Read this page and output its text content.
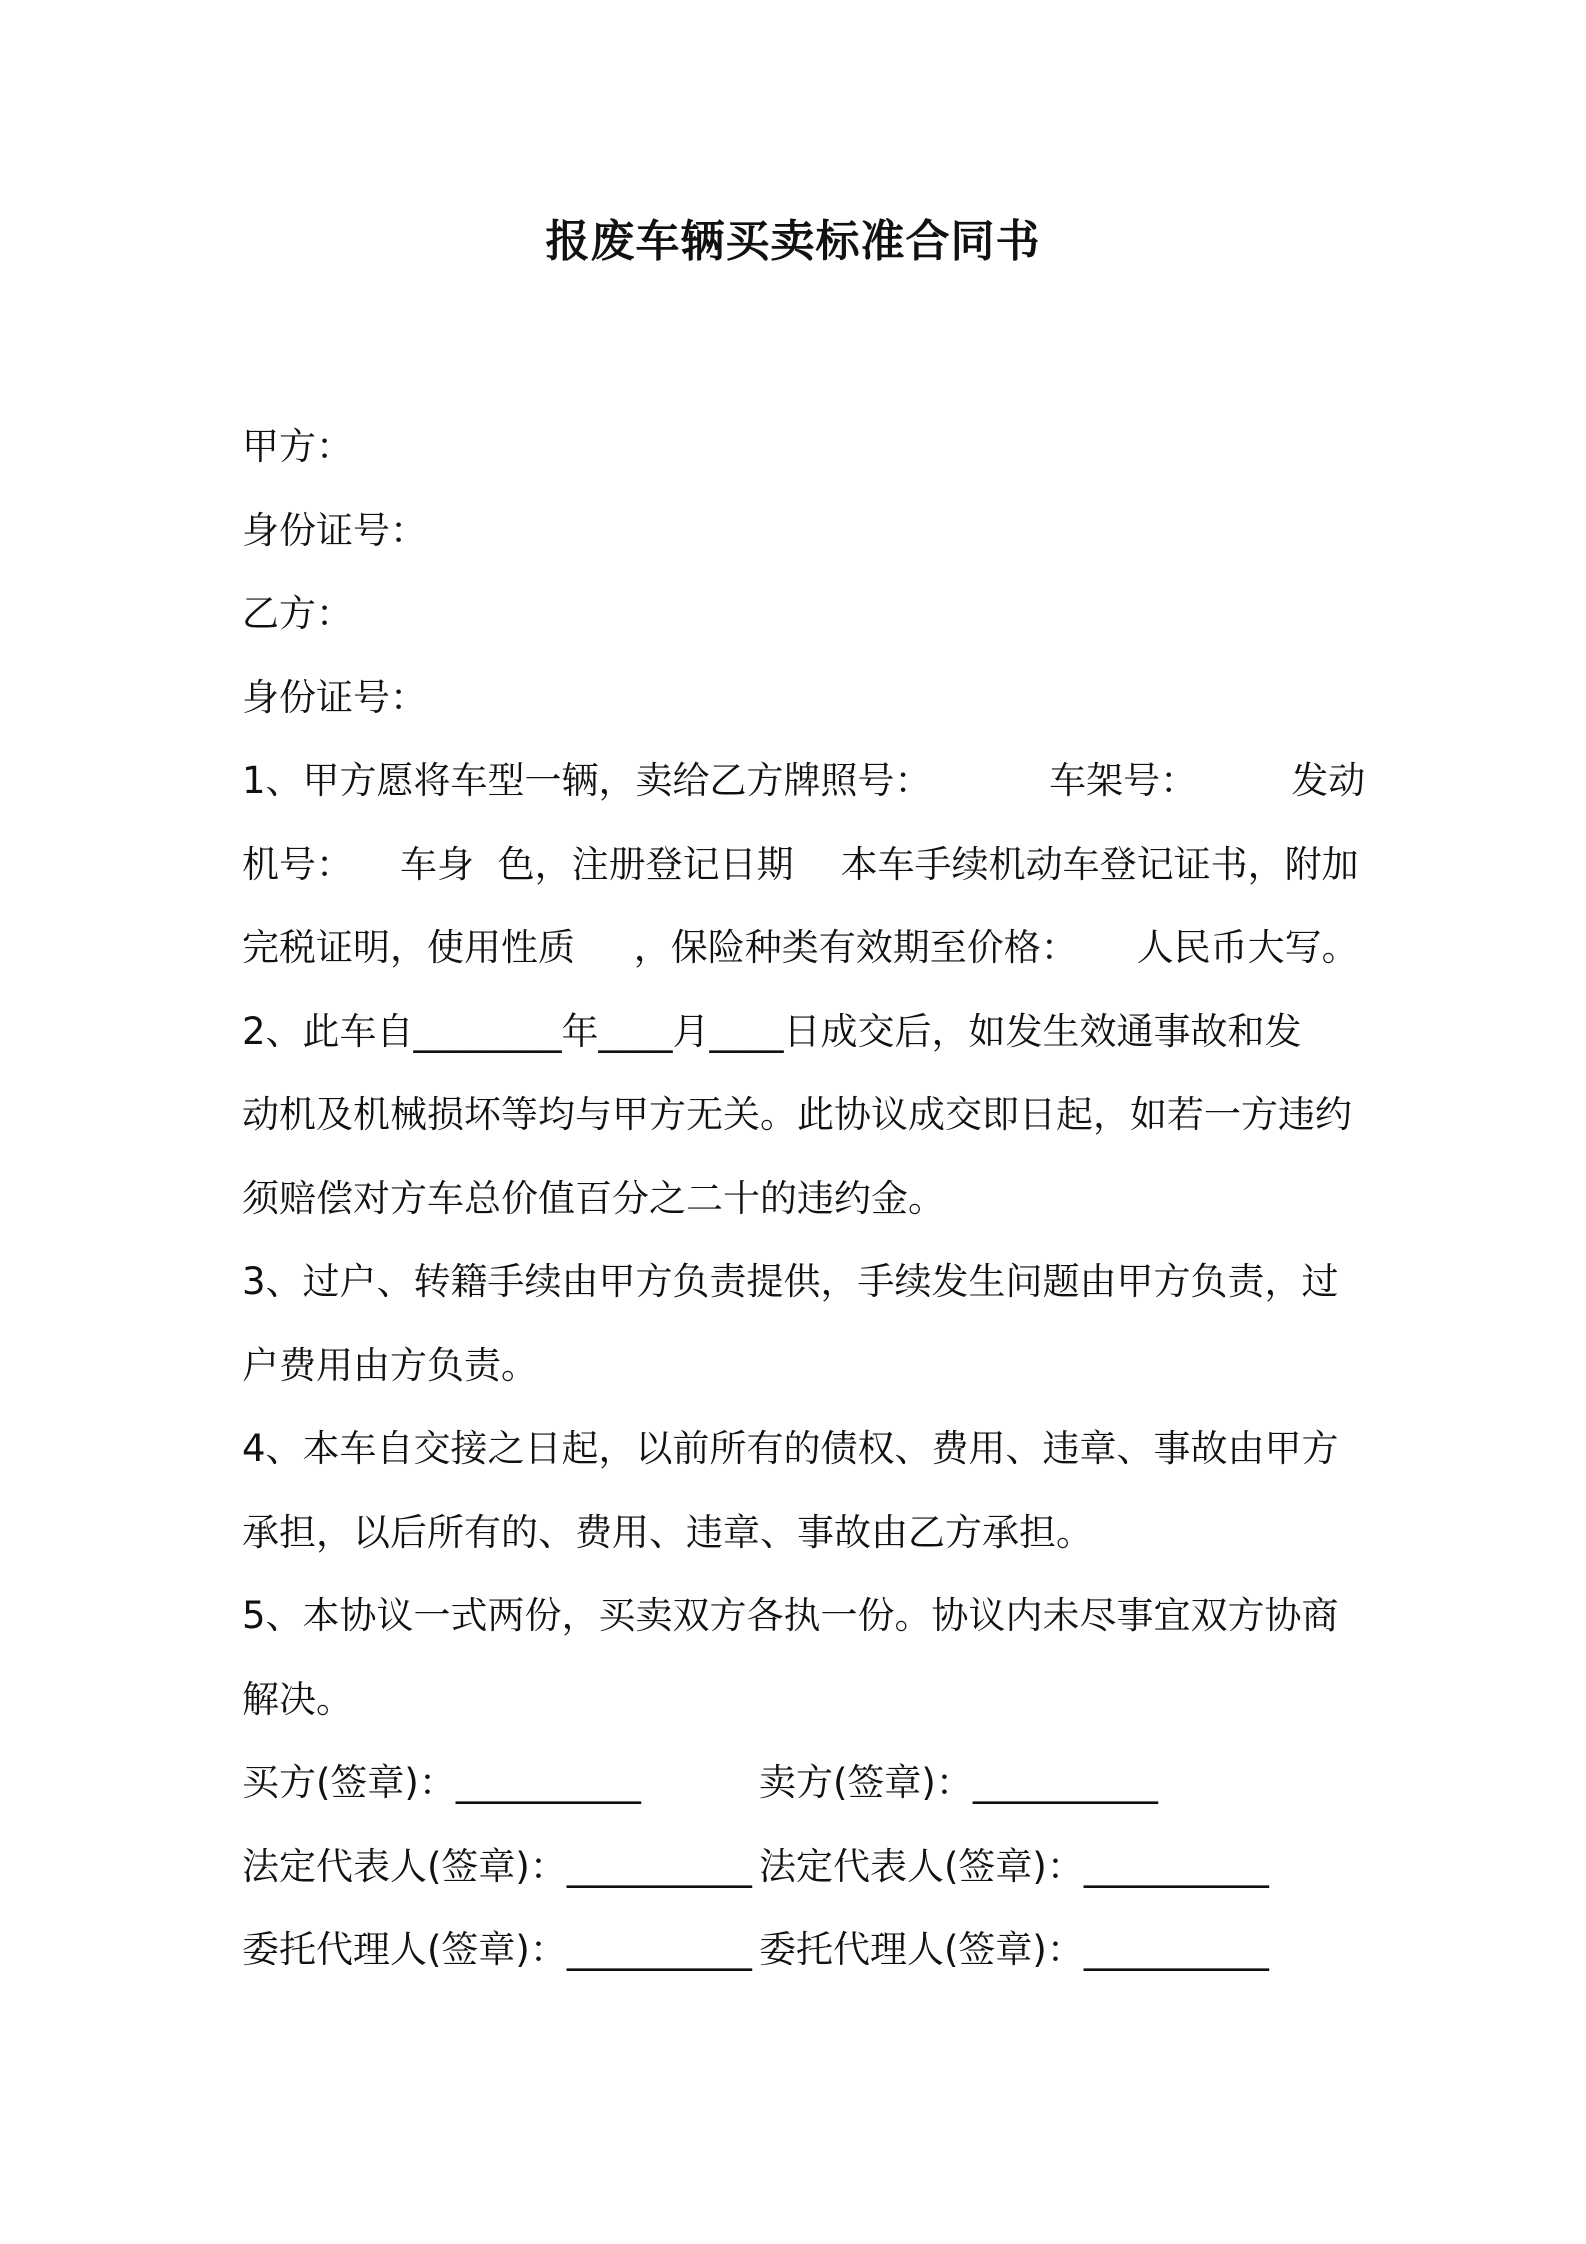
报废车辆买卖标准合同书
甲方：
身份证号：
乙方：
身份证号：
1、甲方愿将车型一辆，卖给乙方牌照号：          车架号：        发动
机号：    车身  色，注册登记日期    本车手续机动车登记证书，附加
完税证明，使用性质     ，保险种类有效期至价格：     人民币大写。
2、此车自________年____月____日成交后，如发生效通事故和发
动机及机械损坏等均与甲方无关。此协议成交即日起，如若一方违约
须赔偿对方车总价值百分之二十的违约金。
3、过户、转籍手续由甲方负责提供，手续发生问题由甲方负责，过
户费用由方负责。
4、本车自交接之日起，以前所有的债权、费用、违章、事故由甲方
承担，以后所有的、费用、违章、事故由乙方承担。
5、本协议一式两份，买卖双方各执一份。协议内未尽事宜双方协商
解决。

买方(签章)：__________

	卖方(签章)：__________

法定代表人(签章)：__________

法定代表人(签章)：__________

委托代理人(签章)：__________

委托代理人(签章)：__________
